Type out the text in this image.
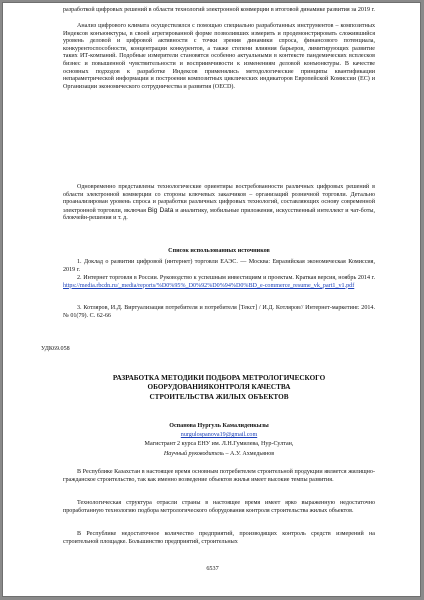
разработкой цифровых решений в области технологий электронной коммерции в итоговой динамике развития за 2019 г.

Анализ цифрового климата осуществлялся с помощью специально разработанных инструментов – композитных Индексов конъюнктуры, в своей агрегированной форме позволивших измерить и продемонстрировать сложившийся уровень деловой и цифровой активности с точки зрения динамики спроса, финансового потенциала, конкурентоспособности, концентрации конкурентов, а также степени влияния барьеров, лимитирующих развитие таких ИТ-компаний. Подобные измерители становятся особенно актуальными в контексте пандемических всплесков бизнес и повышенной чувствительности и восприимчивости к изменениям деловой конъюнктуры. В качестве основных подходов к разработке Индексов применялись методологические принципы квантификации непараметрической информации и построения композитных циклических индикаторов Европейской Комиссии (ЕС) и Организации экономического сотрудничества и развития (OECD).

Одновременно представлены технологические ориентиры востребованности различных цифровых решений в области электронной коммерции со стороны ключевых заказчиков – организаций розничной торговли. Детально проанализирован уровень спроса и разработки различных цифровых технологий, составляющих основу современной электронной торговли, включая Big Data и аналитику, мобильные приложения, искусственный интеллект и чат-боты, блокчейн-решения и т. д.

Список использованных источников

1. Доклад о развитии цифровой (интернет) торговли ЕАЭС. — Москва: Евразийская экономическая Комиссия, 2019 г.

2. Интернет торговля в России. Руководство к успешным инвестициям и проектам. Краткая версия, ноябрь 2014 г. https://media.rbcdn.ru/_media/reports/%D0%95%_D0%92%D0%94%D0%BD_e-commerce_resume_vk_part1_v1.pdf

3. Котляров, И.Д. Виртуализация потребителя и потребителя [Текст] / И.Д. Котляров// Интернет-маркетинг. 2014. № 01(79). С. 62-66

УДК69.058

РАЗРАБОТКА МЕТОДИКИ ПОДБОРА МЕТРОЛОГИЧЕСКОГО
ОБОРУДОВАНИЯКОНТРОЛЯ КАЧЕСТВА
СТРОИТЕЛЬСТВА ЖИЛЫХ ОБЪЕКТОВ

Оспанова Нургуль Камалиденкызы

nurgulospanova19@gmail.com

Магистрант 2 курса ЕНУ им. Л.Н.Гумилева, Нур-Султан,

Научный руководитель – А.У. Ахмедьянов

В Республике Казахстан в настоящее время основным потребителем строительной продукции является жилищно-гражданское строительство, так как именно возведение объектов жилья имеет высокие темпы развития.

Технологическая структура отрасли страны в настоящее время имеет ярко выраженную недостаточно проработанную технологию подбора метрологического оборудования контроля строительства жилых объектов.

В Республике недостаточное количество предприятий, производящих контроль средств измерений на строительной площадке. Большинство предприятий, строительных

6537
